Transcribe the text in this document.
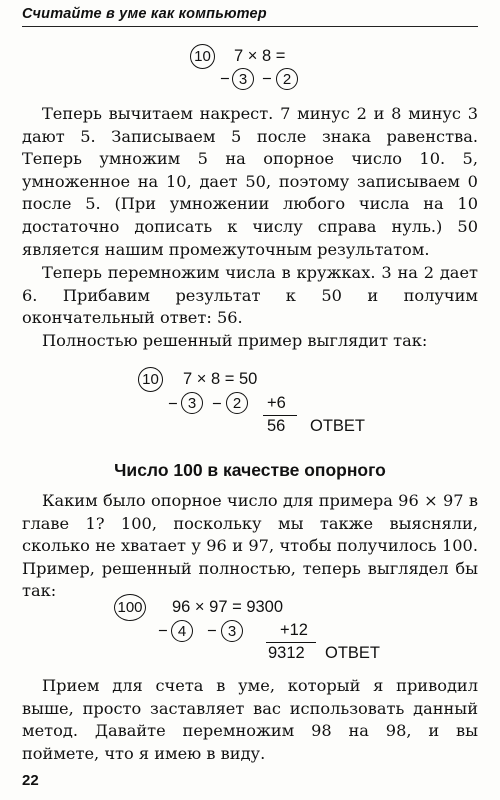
Считайте в уме как компьютер
10 7 × 8 =
− 3 − 2
Теперь вычитаем накрест. 7 минус 2 и 8 минус 3 дают 5. Записываем 5 после знака равенства. Теперь умножим 5 на опорное число 10. 5, умноженное на 10, дает 50, поэтому записываем 0 после 5. (При умножении любого числа на 10 достаточно дописать к числу справа нуль.) 50 является нашим промежуточным результатом.
Теперь перемножим числа в кружках. 3 на 2 дает 6. Прибавим результат к 50 и получим окончательный ответ: 56.
Полностью решенный пример выглядит так:
10 7 × 8 = 50
− 3 − 2	+6
56 ОТВЕТ
Число 100 в качестве опорного
Каким было опорное число для примера 96 × 97 в главе 1? 100, поскольку мы также выясняли, сколько не хватает у 96 и 97, чтобы получилось 100. Пример, решенный полностью, теперь выглядел бы так:
100 96 × 97 = 9300
− 4	− 3	+12
9312 ОТВЕТ
Прием для счета в уме, который я приводил выше, просто заставляет вас использовать данный метод. Давайте перемножим 98 на 98, и вы поймете, что я имею в виду.
22
